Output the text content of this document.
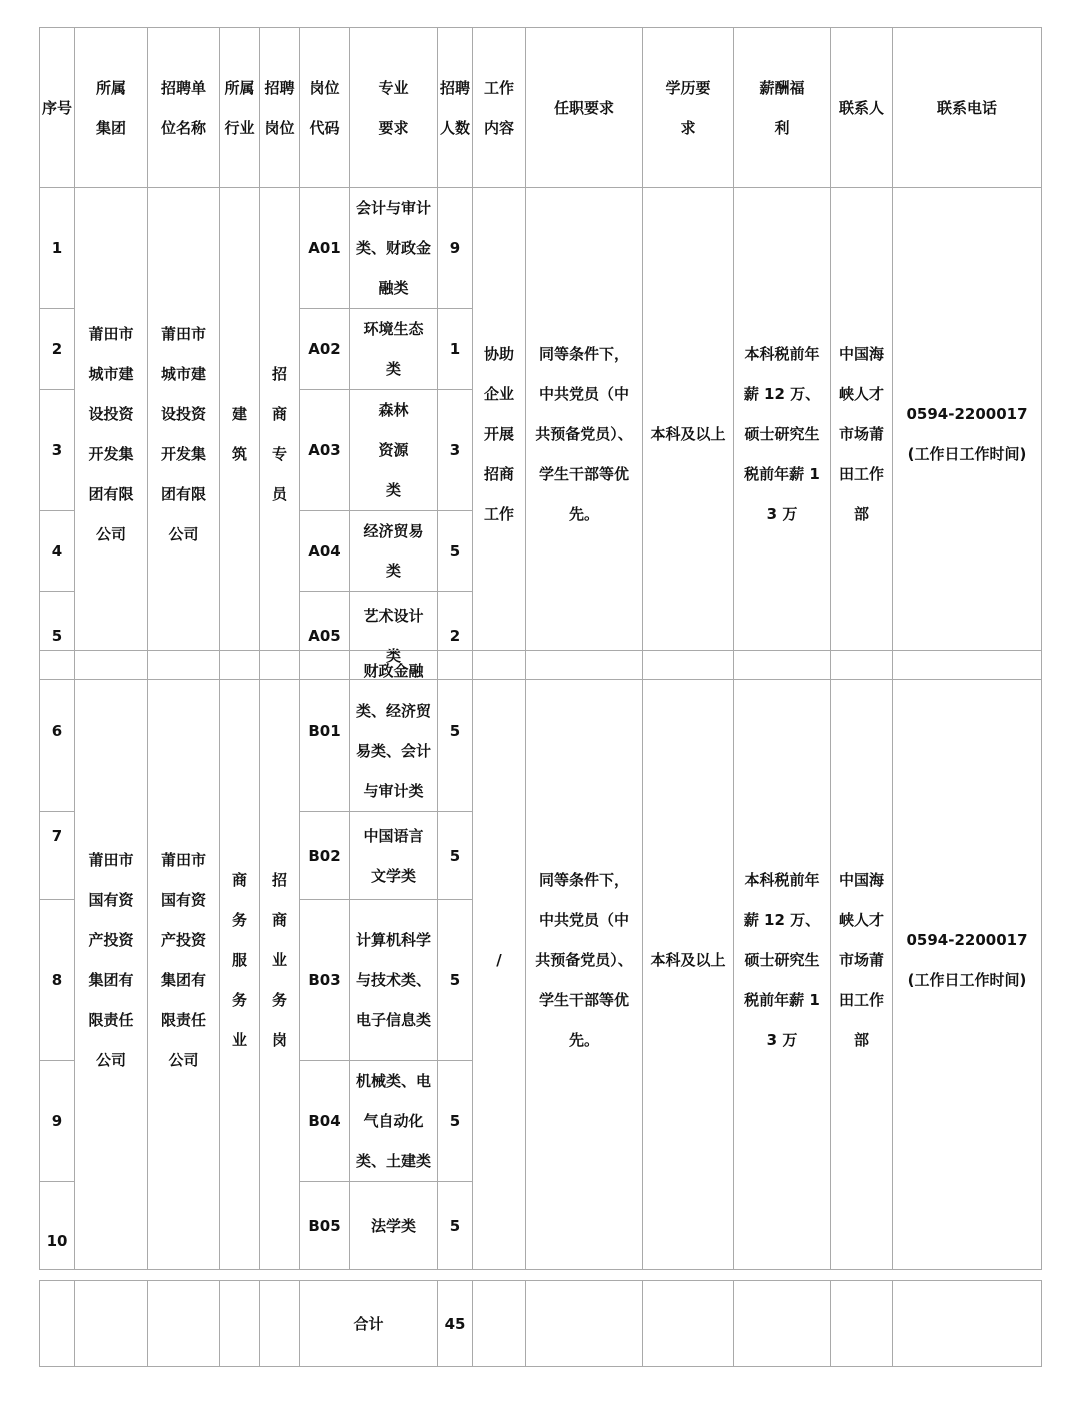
序号	所属集团	招聘单位名称	所属行业	招聘岗位	岗位代码	专业要求	招聘人数	工作内容	任职要求	学历要求	薪酬福利	联系人	联系电话
1	莆田市城市建设投资开发集团有限公司	莆田市城市建设投资开发集团有限公司	建筑	招商专员	A01	会计与审计类、财政金融类	9	协助企业开展招商工作	同等条件下，中共党员（中共预备党员）、学生干部等优先。	本科及以上	本科税前年薪 12 万、硕士研究生税前年薪 13 万	中国海峡人才市场莆田工作部	0594-2200017(工作日工作时间)
2					A02	环境生态类	1						
3					A03	森林资源类	3						
4					A04	经济贸易类	5						
5					A05	艺术设计类	2						
6	莆田市国有资产投资集团有限责任公司	莆田市国有资产投资集团有限责任公司	商务服务业	招商业务岗	B01	财政金融类、经济贸易类、会计与审计类	5	/	同等条件下，中共党员（中共预备党员）、学生干部等优先。	本科及以上	本科税前年薪 12 万、硕士研究生税前年薪 13 万	中国海峡人才市场莆田工作部	0594-2200017(工作日工作时间)
7					B02	中国语言文学类	5						
8					B03	计算机科学与技术类、电子信息类	5						
9					B04	机械类、电气自动化类、土建类	5						
10					B05	法学类	5						
					合计	45						
